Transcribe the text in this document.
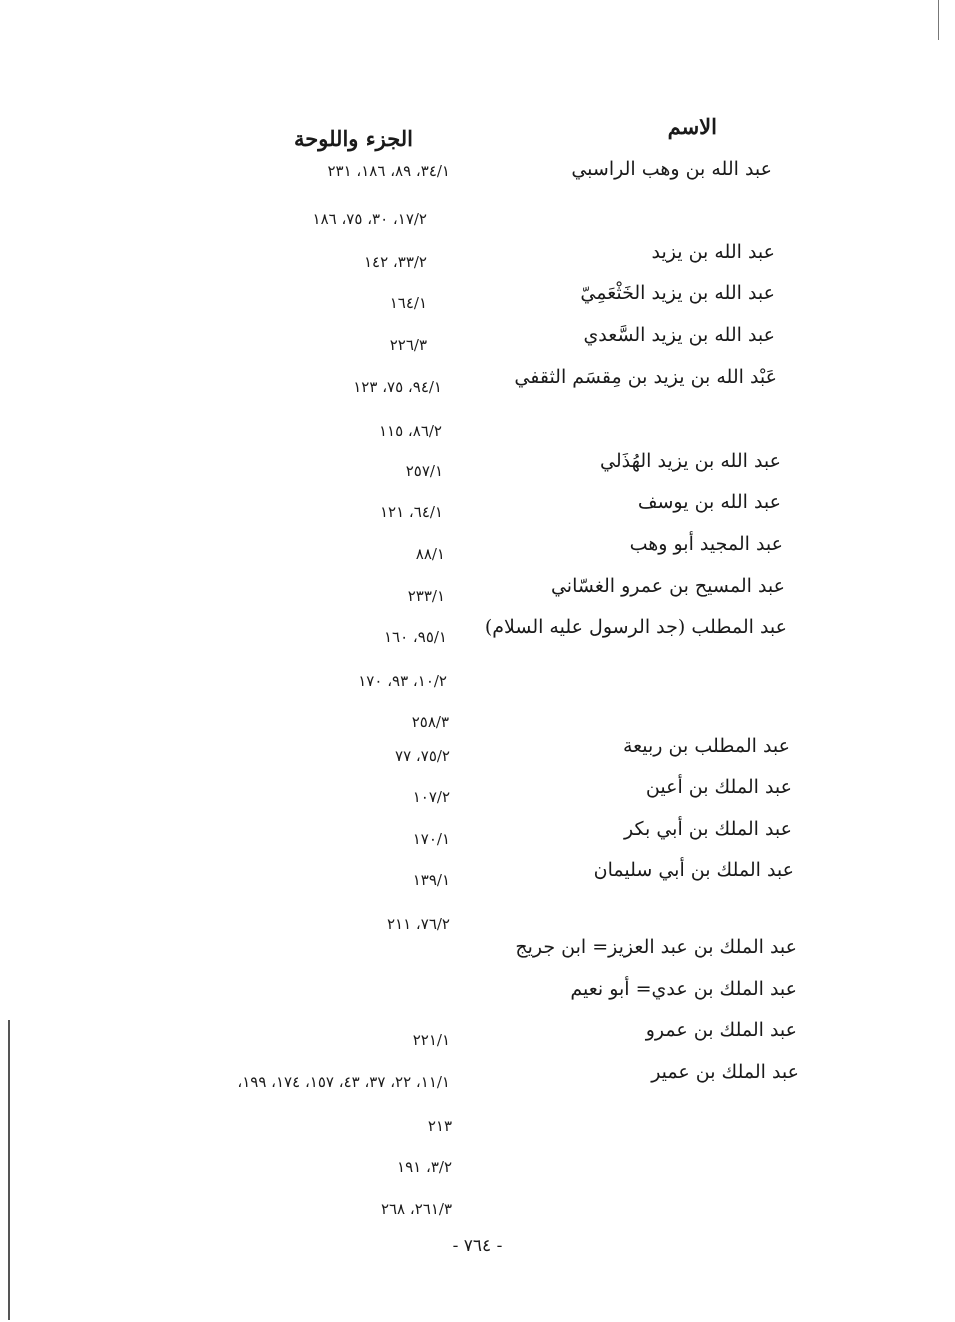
الاسم
الجزء واللوحة
عبد الله بن وهب الراسبي
٣٤/١، ٨٩، ١٨٦، ٢٣١
١٧/٢، ٣٠، ٧٥، ١٨٦
عبد الله بن يزيد
٣٣/٢، ١٤٢
عبد الله بن يزيد الخَثْعَمِيّ
١٦٤/١
عبد الله بن يزيد السَّعدي
٢٢٦/٣
عَبْد الله بن يزيد بن مِقسَم الثقفي
٩٤/١، ٧٥، ١٢٣
٨٦/٢، ١١٥
عبد الله بن يزيد الهُذَلي
٢٥٧/١
عبد الله بن يوسف
٦٤/١، ١٢١
عبد المجيد أبو وهب
٨٨/١
عبد المسيح بن عمرو الغسّاني
٢٣٣/١
عبد المطلب (جد الرسول عليه السلام)
٩٥/١، ١٦٠
١٠/٢، ٩٣، ١٧٠
٢٥٨/٣
عبد المطلب بن ربيعة
٧٥/٢، ٧٧
عبد الملك بن أعين
١٠٧/٢
عبد الملك بن أبي بكر
١٧٠/١
عبد الملك بن أبي سليمان
١٣٩/١
٧٦/٢، ٢١١
عبد الملك بن عبد العزيز= ابن جريج
عبد الملك بن عدي= أبو نعيم
عبد الملك بن عمرو
٢٢١/١
عبد الملك بن عمير
١١/١، ٢٢، ٣٧، ٤٣، ١٥٧، ١٧٤، ١٩٩،
٢١٣
٣/٢، ١٩١
٢٦١/٣، ٢٦٨
- ٧٦٤ -
